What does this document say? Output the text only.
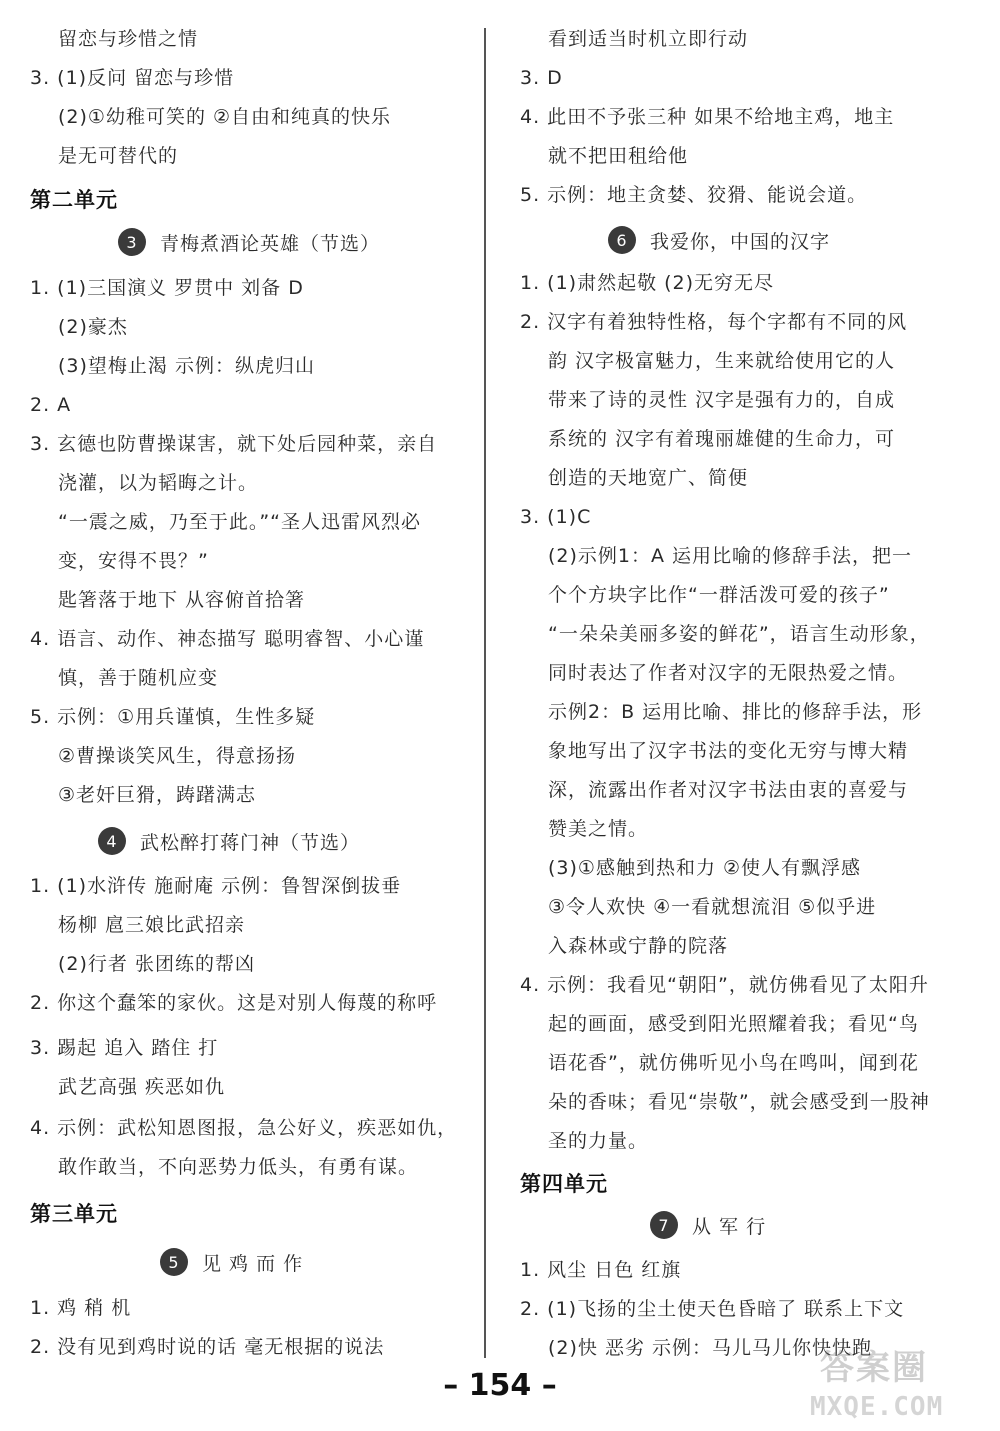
留恋与珍惜之情
3. (1)反问 留恋与珍惜
(2)①幼稚可笑的 ②自由和纯真的快乐
是无可替代的
第二单元
3	青梅煮酒论英雄（节选）
1. (1)三国演义 罗贯中 刘备 D
(2)豪杰
(3)望梅止渴 示例：纵虎归山
2. A
3. 玄德也防曹操谋害，就下处后园种菜，亲自
浇灌，以为韬晦之计。
“一震之威，乃至于此。”“圣人迅雷风烈必
变，安得不畏？”
匙箸落于地下 从容俯首拾箸
4. 语言、动作、神态描写 聪明睿智、小心谨
慎，善于随机应变
5. 示例：①用兵谨慎，生性多疑
②曹操谈笑风生，得意扬扬
③老奸巨猾，踌躇满志
4	武松醉打蒋门神（节选）
1. (1)水浒传 施耐庵 示例：鲁智深倒拔垂
杨柳 扈三娘比武招亲
(2)行者 张团练的帮凶
2. 你这个蠢笨的家伙。这是对别人侮蔑的称呼
3. 踢起 追入 踏住 打
武艺高强 疾恶如仇
4. 示例：武松知恩图报，急公好义，疾恶如仇，
敢作敢当，不向恶势力低头，有勇有谋。
第三单元
5	见 鸡 而 作
1. 鸡 稍 机
2. 没有见到鸡时说的话 毫无根据的说法
看到适当时机立即行动
3. D
4. 此田不予张三种 如果不给地主鸡，地主
就不把田租给他
5. 示例：地主贪婪、狡猾、能说会道。
6	我爱你，中国的汉字
1. (1)肃然起敬 (2)无穷无尽
2. 汉字有着独特性格，每个字都有不同的风
韵 汉字极富魅力，生来就给使用它的人
带来了诗的灵性 汉字是强有力的，自成
系统的 汉字有着瑰丽雄健的生命力，可
创造的天地宽广、简便
3. (1)C
(2)示例1：A 运用比喻的修辞手法，把一
个个方块字比作“一群活泼可爱的孩子”
“一朵朵美丽多姿的鲜花”，语言生动形象，
同时表达了作者对汉字的无限热爱之情。
示例2：B 运用比喻、排比的修辞手法，形
象地写出了汉字书法的变化无穷与博大精
深，流露出作者对汉字书法由衷的喜爱与
赞美之情。
(3)①感触到热和力 ②使人有飘浮感
③令人欢快 ④一看就想流泪 ⑤似乎进
入森林或宁静的院落
4. 示例：我看见“朝阳”，就仿佛看见了太阳升
起的画面，感受到阳光照耀着我；看见“鸟
语花香”，就仿佛听见小鸟在鸣叫，闻到花
朵的香味；看见“崇敬”，就会感受到一股神
圣的力量。
第四单元
7	从 军 行
1. 风尘 日色 红旗
2. (1)飞扬的尘土使天色昏暗了 联系上下文
(2)快 恶劣 示例：马儿马儿你快快跑
– 154 –	答案圈
MXQE.COM
